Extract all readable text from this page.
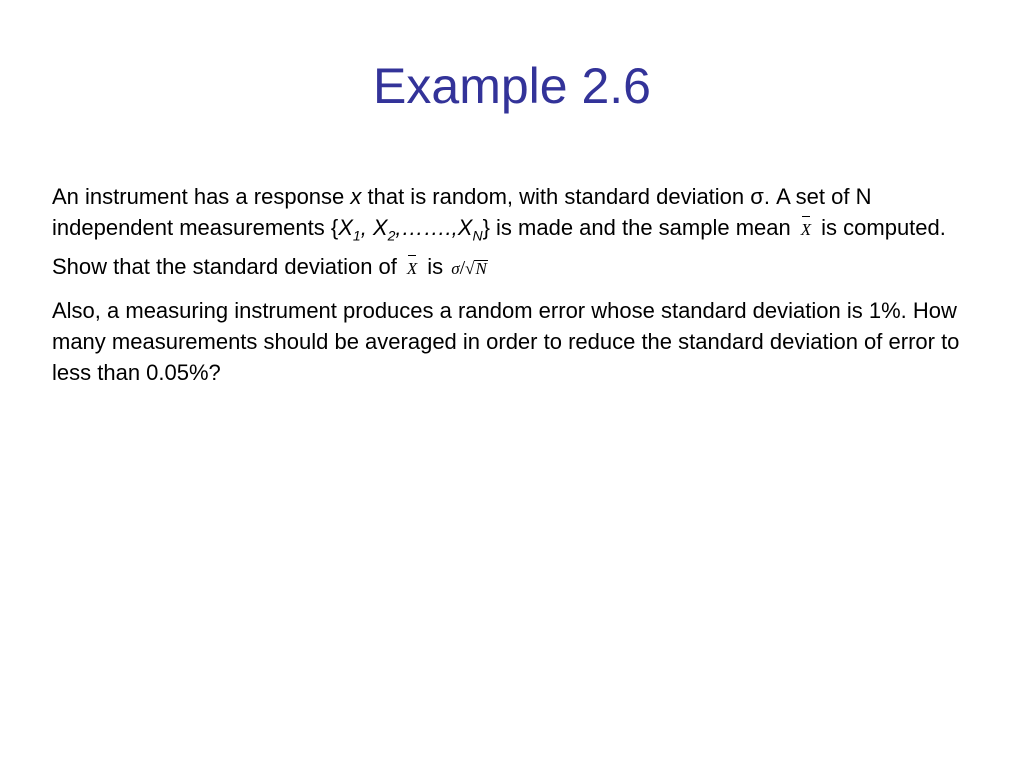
Example 2.6

An instrument has a response x that is random, with standard deviation σ. A set of N independent measurements {$X_1$, $X_2,\dots\dots.,X_N$} is made and the sample mean X is computed. Show that the standard deviation of X is σ/√N

Also, a measuring instrument produces a random error whose standard deviation is 1%. How many measurements should be averaged in order to reduce the standard deviation of error to less than 0.05%?
